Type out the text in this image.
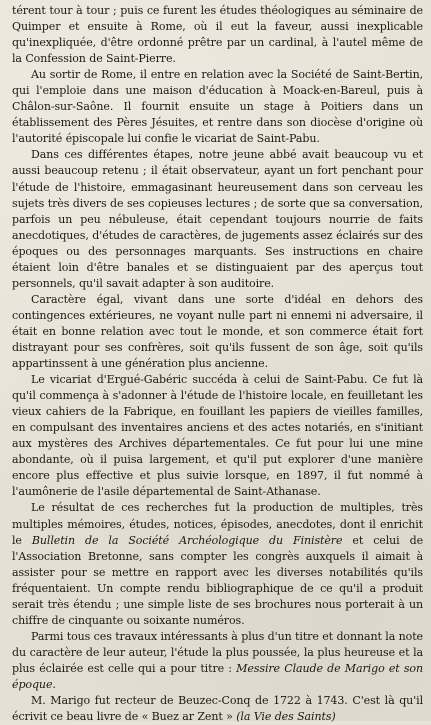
térent tour à tour ; puis ce furent les études théologiques au séminaire de Quimper et ensuite à Rome, où il eut la faveur, aussi inexplicable qu'inexpliquée, d'être ordonné prêtre par un cardinal, à l'autel même de la Confession de Saint-Pierre.

Au sortir de Rome, il entre en relation avec la Société de Saint-Bertin, qui l'emploie dans une maison d'éducation à Moack-en-Bareul, puis à Châlon-sur-Saône. Il fournit ensuite un stage à Poitiers dans un établissement des Pères Jésuites, et rentre dans son diocèse d'origine où l'autorité épiscopale lui confie le vicariat de Saint-Pabu.

Dans ces différentes étapes, notre jeune abbé avait beaucoup vu et aussi beaucoup retenu ; il était observateur, ayant un fort penchant pour l'étude de l'histoire, emmagasinant heureusement dans son cerveau les sujets très divers de ses copieuses lectures ; de sorte que sa conversation, parfois un peu nébuleuse, était cependant toujours nourrie de faits anecdotiques, d'études de caractères, de jugements assez éclairés sur des époques ou des personnages marquants. Ses instructions en chaire étaient loin d'être banales et se distinguaient par des aperçus tout personnels, qu'il savait adapter à son auditoire.

Caractère égal, vivant dans une sorte d'idéal en dehors des contingences extérieures, ne voyant nulle part ni ennemi ni adversaire, il était en bonne relation avec tout le monde, et son commerce était fort distrayant pour ses confrères, soit qu'ils fussent de son âge, soit qu'ils appartinssent à une génération plus ancienne.

Le vicariat d'Ergué-Gabéric succéda à celui de Saint-Pabu. Ce fut là qu'il commença à s'adonner à l'étude de l'histoire locale, en feuilletant les vieux cahiers de la Fabrique, en fouillant les papiers de vieilles familles, en compulsant des inventaires anciens et des actes notariés, en s'initiant aux mystères des Archives départementales. Ce fut pour lui une mine abondante, où il puisa largement, et qu'il put explorer d'une manière encore plus effective et plus suivie lorsque, en 1897, il fut nommé à l'aumônerie de l'asile départemental de Saint-Athanase.

Le résultat de ces recherches fut la production de multiples, très multiples mémoires, études, notices, épisodes, anecdotes, dont il enrichit le Bulletin de la Société Archéologique du Finistère et celui de l'Association Bretonne, sans compter les congrès auxquels il aimait à assister pour se mettre en rapport avec les diverses notabilités qu'ils fréquentaient. Un compte rendu bibliographique de ce qu'il a produit serait très étendu ; une simple liste de ses brochures nous porterait à un chiffre de cinquante ou soixante numéros.

Parmi tous ces travaux intéressants à plus d'un titre et donnant la note du caractère de leur auteur, l'étude la plus poussée, la plus heureuse et la plus éclairée est celle qui a pour titre : Messire Claude de Marigo et son époque.

M. Marigo fut recteur de Beuzec-Conq de 1722 à 1743. C'est là qu'il écrivit ce beau livre de « Buez ar Zent » (la Vie des Saints)
